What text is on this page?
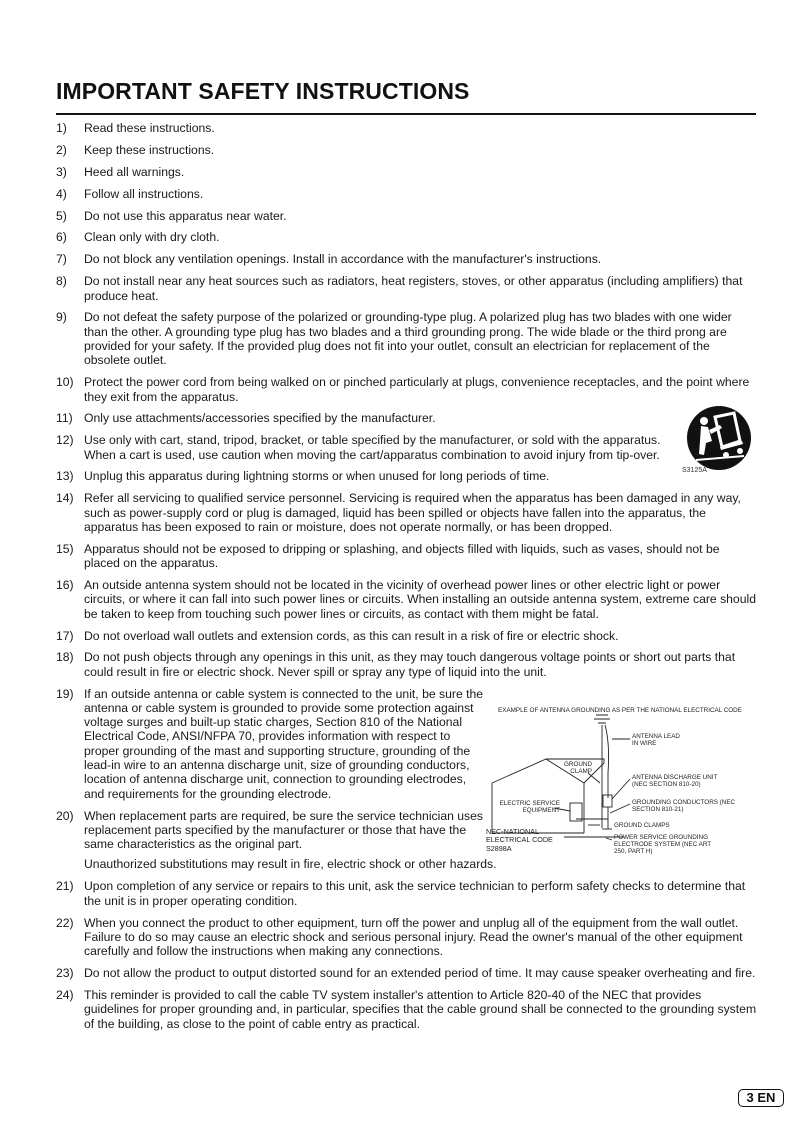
IMPORTANT SAFETY INSTRUCTIONS
1) Read these instructions.
2) Keep these instructions.
3) Heed all warnings.
4) Follow all instructions.
5) Do not use this apparatus near water.
6) Clean only with dry cloth.
7) Do not block any ventilation openings. Install in accordance with the manufacturer's instructions.
8) Do not install near any heat sources such as radiators, heat registers, stoves, or other apparatus (including amplifiers) that produce heat.
9) Do not defeat the safety purpose of the polarized or grounding-type plug. A polarized plug has two blades with one wider than the other. A grounding type plug has two blades and a third grounding prong. The wide blade or the third prong are provided for your safety. If the provided plug does not fit into your outlet, consult an electrician for replacement of the obsolete outlet.
10) Protect the power cord from being walked on or pinched particularly at plugs, convenience receptacles, and the point where they exit from the apparatus.
11) Only use attachments/accessories specified by the manufacturer.
12) Use only with cart, stand, tripod, bracket, or table specified by the manufacturer, or sold with the apparatus. When a cart is used, use caution when moving the cart/apparatus combination to avoid injury from tip-over.
13) Unplug this apparatus during lightning storms or when unused for long periods of time.
14) Refer all servicing to qualified service personnel. Servicing is required when the apparatus has been damaged in any way, such as power-supply cord or plug is damaged, liquid has been spilled or objects have fallen into the apparatus, the apparatus has been exposed to rain or moisture, does not operate normally, or has been dropped.
15) Apparatus should not be exposed to dripping or splashing, and objects filled with liquids, such as vases, should not be placed on the apparatus.
16) An outside antenna system should not be located in the vicinity of overhead power lines or other electric light or power circuits, or where it can fall into such power lines or circuits. When installing an outside antenna system, extreme care should be taken to keep from touching such power lines or circuits, as contact with them might be fatal.
17) Do not overload wall outlets and extension cords, as this can result in a risk of fire or electric shock.
18) Do not push objects through any openings in this unit, as they may touch dangerous voltage points or short out parts that could result in fire or electric shock. Never spill or spray any type of liquid into the unit.
19) If an outside antenna or cable system is connected to the unit, be sure the antenna or cable system is grounded to provide some protection against voltage surges and built-up static charges, Section 810 of the National Electrical Code, ANSI/NFPA 70, provides information with respect to proper grounding of the mast and supporting structure, grounding of the lead-in wire to an antenna discharge unit, size of grounding conductors, location of antenna discharge unit, connection to grounding electrodes, and requirements for the grounding electrode.
20) When replacement parts are required, be sure the service technician uses replacement parts specified by the manufacturer or those that have the same characteristics as the original part.
Unauthorized substitutions may result in fire, electric shock or other hazards.
21) Upon completion of any service or repairs to this unit, ask the service technician to perform safety checks to determine that the unit is in proper operating condition.
22) When you connect the product to other equipment, turn off the power and unplug all of the equipment from the wall outlet. Failure to do so may cause an electric shock and serious personal injury. Read the owner's manual of the other equipment carefully and follow the instructions when making any connections.
23) Do not allow the product to output distorted sound for an extended period of time. It may cause speaker overheating and fire.
24) This reminder is provided to call the cable TV system installer's attention to Article 820-40 of the NEC that provides guidelines for proper grounding and, in particular, specifies that the cable ground shall be connected to the grounding system of the building, as close to the point of cable entry as practical.
S3125A
EXAMPLE OF ANTENNA GROUNDING AS PER THE NATIONAL ELECTRICAL CODE
ANTENNA LEAD IN WIRE
GROUND CLAMP
ANTENNA DISCHARGE UNIT (NEC SECTION 810-20)
GROUNDING CONDUCTORS (NEC SECTION 810-21)
ELECTRIC SERVICE EQUIPMENT
GROUND CLAMPS
POWER SERVICE GROUNDING ELECTRODE SYSTEM (NEC ART 250, PART H)
NEC-NATIONAL ELECTRICAL CODE
S2898A
3 EN
